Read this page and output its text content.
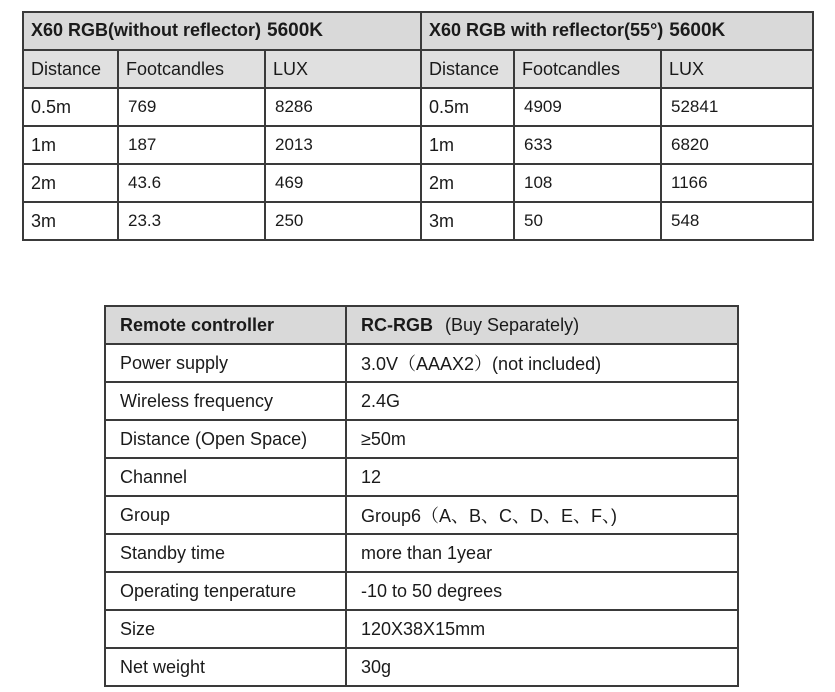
X60 RGB(without reflector) 5600K			X60 RGB with reflector(55°) 5600K		
Distance	Footcandles	LUX	Distance	Footcandles	LUX
0.5m	769	8286	0.5m	4909	52841
1m	187	2013	1m	633	6820
2m	43.6	469	2m	108	1166
3m	23.3	250	3m	50	548
Remote controller	RC-RGB (Buy Separately)
Power supply	3.0V（AAAX2）(not included)
Wireless frequency	2.4G
Distance (Open Space)	≥50m
Channel	12
Group	Group6（A、B、C、D、E、F、)
Standby time	more than 1year
Operating tenperature	-10 to 50 degrees
Size	120X38X15mm
Net weight	30g
